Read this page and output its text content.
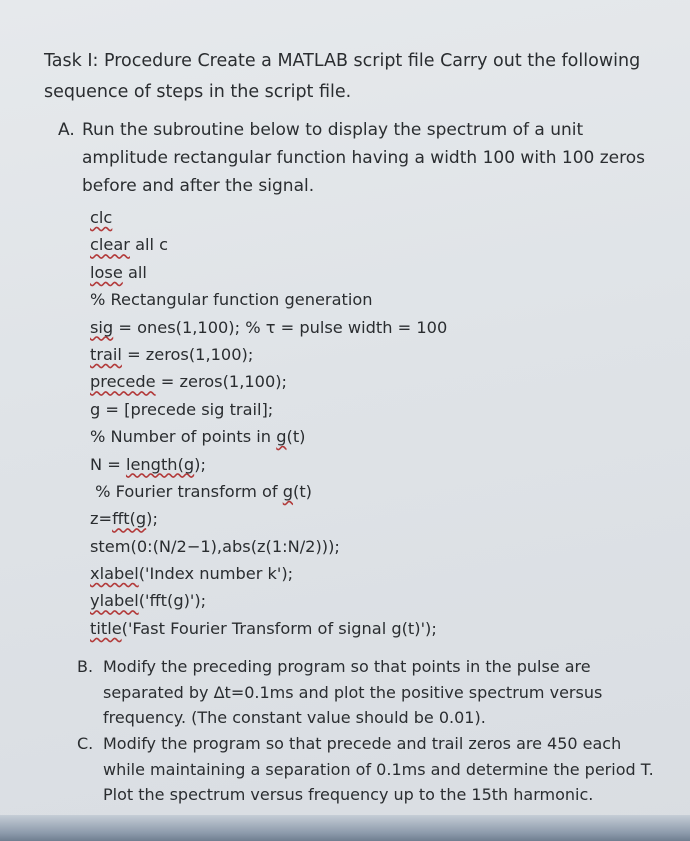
Task I: Procedure Create a MATLAB script file Carry out the following sequence of steps in the script file.
A. Run the subroutine below to display the spectrum of a unit amplitude rectangular function having a width 100 with 100 zeros before and after the signal.
clc
clear all c
lose all
% Rectangular function generation
sig = ones(1,100); % τ = pulse width = 100
trail = zeros(1,100);
precede = zeros(1,100);
g = [precede sig trail];
% Number of points in g(t)
N = length(g);
% Fourier transform of g(t)
z=fft(g);
stem(0:(N/2−1),abs(z(1:N/2)));
xlabel('Index number k');
ylabel('fft(g)');
title('Fast Fourier Transform of signal g(t)');
B. Modify the preceding program so that points in the pulse are separated by Δt=0.1ms and plot the positive spectrum versus frequency. (The constant value should be 0.01).
C. Modify the program so that precede and trail zeros are 450 each while maintaining a separation of 0.1ms and determine the period T. Plot the spectrum versus frequency up to the 15th harmonic.
